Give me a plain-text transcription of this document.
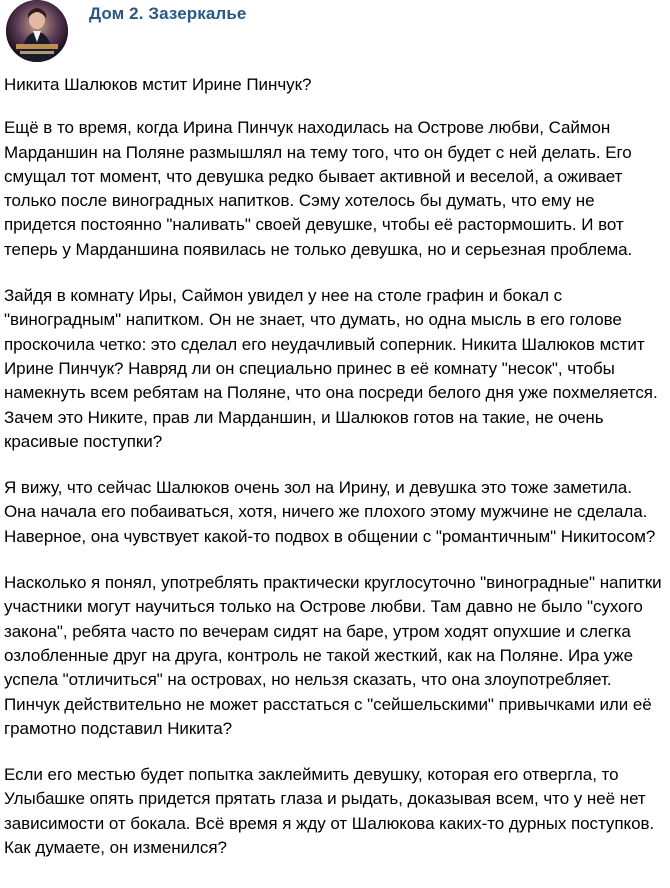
Дом 2. Зазеркалье

Никита Шалюков мстит Ирине Пинчук?

Ещё в то время, когда Ирина Пинчук находилась на Острове любви, Саймон Марданшин на Поляне размышлял на тему того, что он будет с ней делать. Его смущал тот момент, что девушка редко бывает активной и веселой, а оживает только после виноградных напитков. Сэму хотелось бы думать, что ему не придется постоянно "наливать" своей девушке, чтобы её растормошить. И вот теперь у Марданшина появилась не только девушка, но и серьезная проблема.

Зайдя в комнату Иры, Саймон увидел у нее на столе графин и бокал с "виноградным" напитком. Он не знает, что думать, но одна мысль в его голове проскочила четко: это сделал его неудачливый соперник. Никита Шалюков мстит Ирине Пинчук? Навряд ли он специально принес в её комнату "несок", чтобы намекнуть всем ребятам на Поляне, что она посреди белого дня уже похмеляется. Зачем это Никите, прав ли Марданшин, и Шалюков готов на такие, не очень красивые поступки?

Я вижу, что сейчас Шалюков очень зол на Ирину, и девушка это тоже заметила. Она начала его побаиваться, хотя, ничего же плохого этому мужчине не сделала. Наверное, она чувствует какой-то подвох в общении с "романтичным" Никитосом?

Насколько я понял, употреблять практически круглосуточно "виноградные" напитки участники могут научиться только на Острове любви. Там давно не было "сухого закона", ребята часто по вечерам сидят на баре, утром ходят опухшие и слегка озлобленные друг на друга, контроль не такой жесткий, как на Поляне. Ира уже успела "отличиться" на островах, но нельзя сказать, что она злоупотребляет. Пинчук действительно не может расстаться с "сейшельскими" привычками или её грамотно подставил Никита?

Если его местью будет попытка заклеймить девушку, которая его отвергла, то Улыбашке опять придется прятать глаза и рыдать, доказывая всем, что у неё нет зависимости от бокала. Всё время я жду от Шалюкова каких-то дурных поступков. Как думаете, он изменился?
